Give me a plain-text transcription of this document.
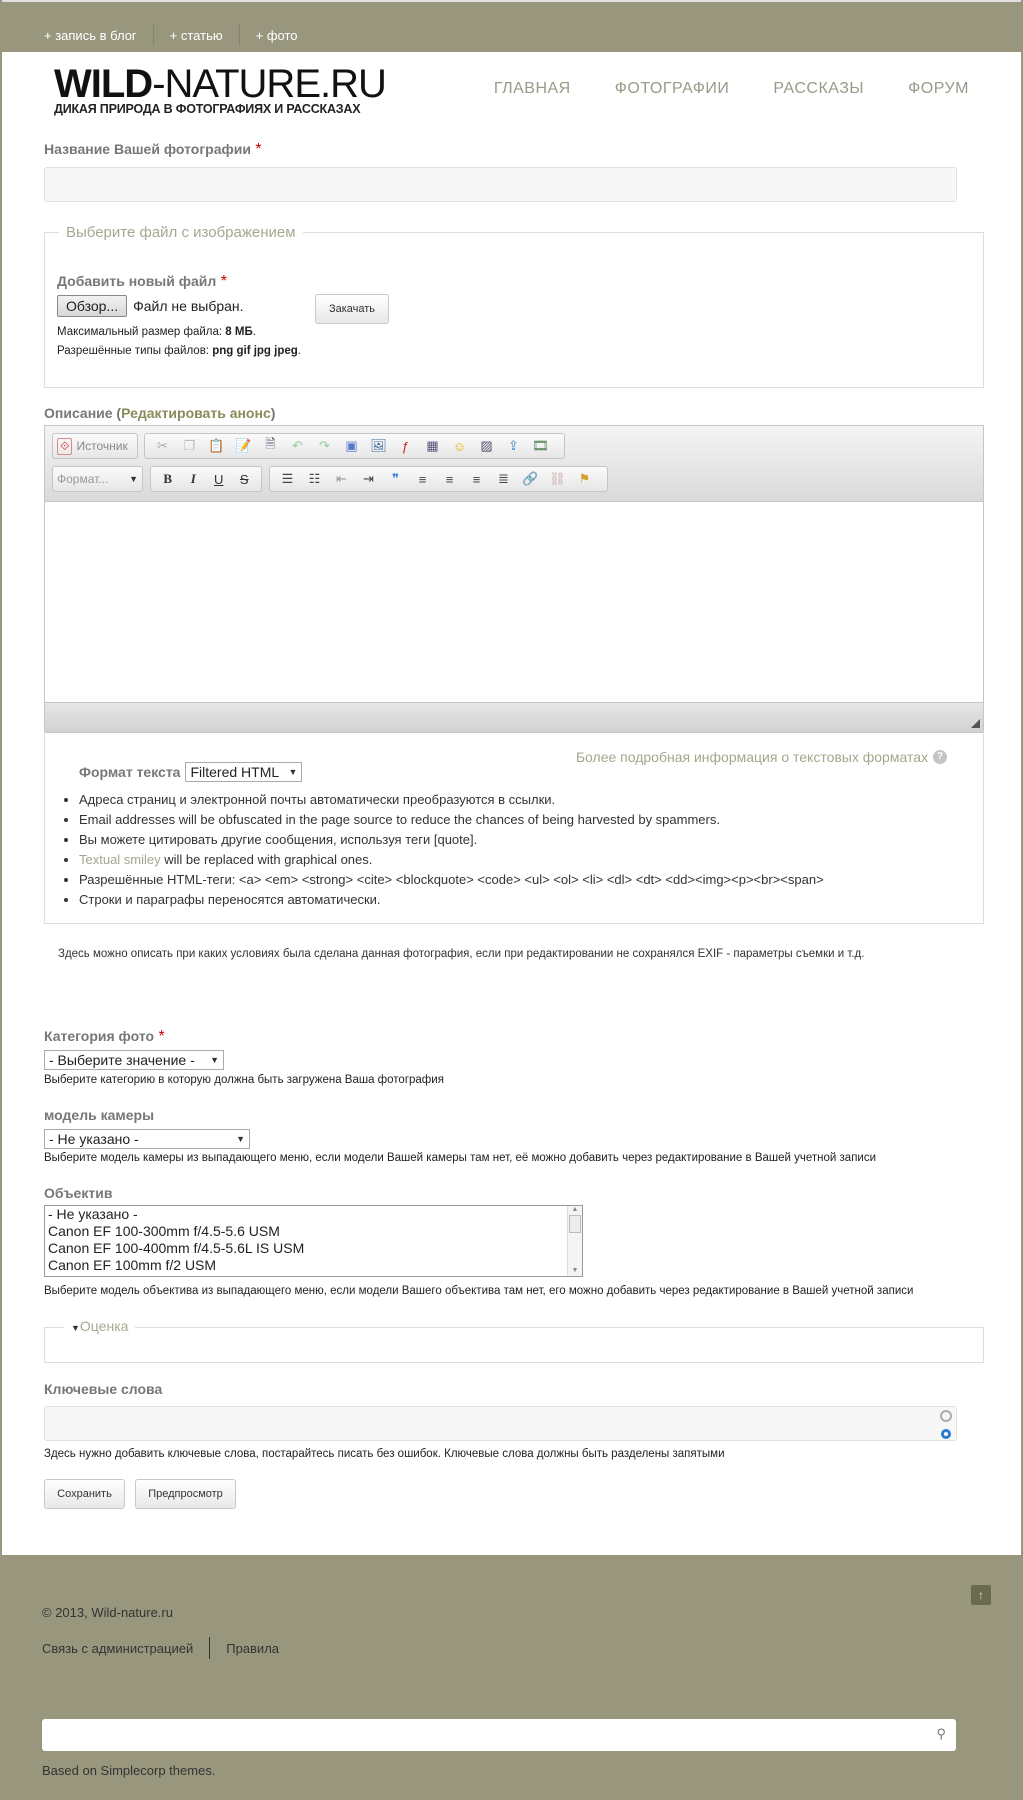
+ запись в блог	+ статью	+ фото
WILD-NATURE.RU
ДИКАЯ ПРИРОДА В ФОТОГРАФИЯХ И РАССКАЗАХ
ГЛАВНАЯ	ФОТОГРАФИИ	РАССКАЗЫ	ФОРУМ
Название Вашей фотографии *
Выберите файл с изображением
Добавить новый файл *
Обзор...	Файл не выбран.	Закачать
Максимальный размер файла: 8 МБ.
Разрешённые типы файлов: png gif jpg jpeg.
Описание (Редактировать анонс)
⟐ Источник	✂	❐	📋 📝	🗎	↶	↷	▣ 🖼	ƒ	▦	☺	▨	⇪	🎞
Формат... ▼	B	I	U	S	☰	☷	⇤	⇥	❞	≡	≡	≡	≣	🔗 ⛓ ⚑
Более подробная информация о текстовых форматах ?
Формат текста Filtered HTML ▼
• Адреса страниц и электронной почты автоматически преобразуются в ссылки.
• Email addresses will be obfuscated in the page source to reduce the chances of being harvested by spammers.
• Вы можете цитировать другие сообщения, используя теги [quote].
• Textual smiley will be replaced with graphical ones.
• Разрешённые HTML-теги: <a> <em> <strong> <cite> <blockquote> <code> <ul> <ol> <li> <dl> <dt> <dd><img><p><br><span>
• Строки и параграфы переносятся автоматически.
Здесь можно описать при каких условиях была сделана данная фотография, если при редактировании не сохранялся EXIF - параметры съемки и т.д.
Категория фото *
- Выберите значение - ▼
Выберите категорию в которую должна быть загружена Ваша фотография
модель камеры
- Не указано -	▼
Выберите модель камеры из выпадающего меню, если модели Вашей камеры там нет, её можно добавить через редактирование в Вашей учетной записи
Объектив
- Не указано -
Canon EF 100-300mm f/4.5-5.6 USM
Canon EF 100-400mm f/4.5-5.6L IS USM
Canon EF 100mm f/2 USM
▲
▼
Выберите модель объектива из выпадающего меню, если модели Вашего объектива там нет, его можно добавить через редактирование в Вашей учетной записи
▼Оценка
Ключевые слова
Здесь нужно добавить ключевые слова, постарайтесь писать без ошибок. Ключевые слова должны быть разделены запятыми
Сохранить	Предпросмотр
© 2013, Wild-nature.ru
↑
Связь с администрацией	Правила
⚲
Based on Simplecorp themes.
